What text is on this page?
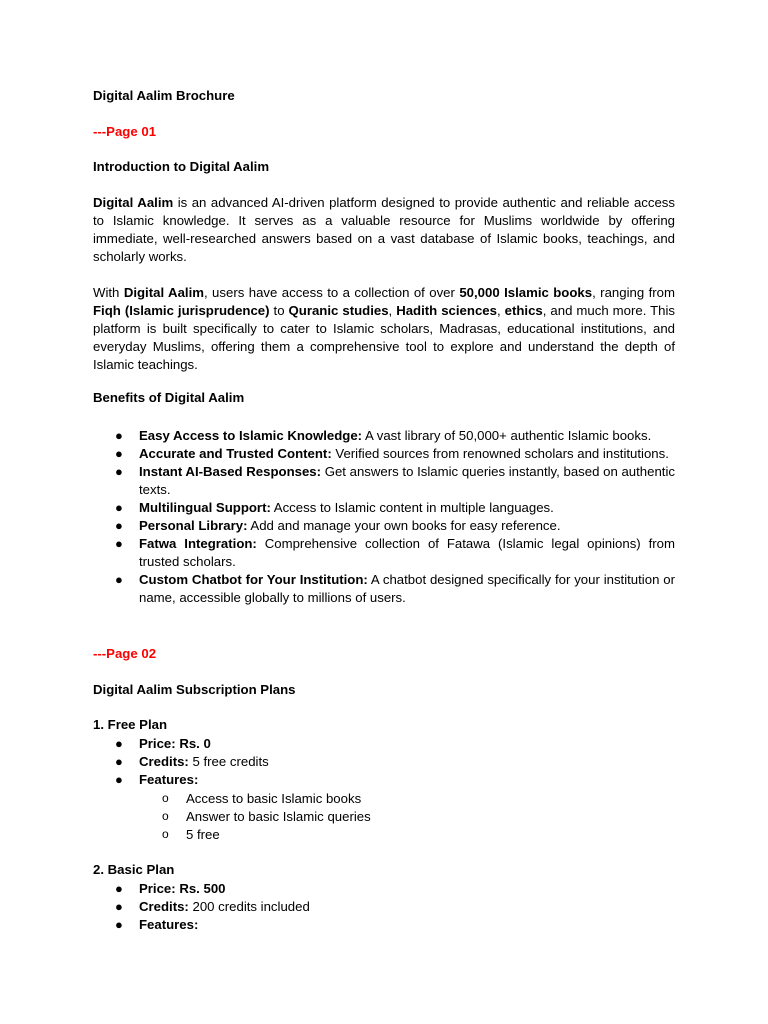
Digital Aalim Brochure
---Page 01
Introduction to Digital Aalim
Digital Aalim is an advanced AI-driven platform designed to provide authentic and reliable access to Islamic knowledge. It serves as a valuable resource for Muslims worldwide by offering immediate, well-researched answers based on a vast database of Islamic books, teachings, and scholarly works.
With Digital Aalim, users have access to a collection of over 50,000 Islamic books, ranging from Fiqh (Islamic jurisprudence) to Quranic studies, Hadith sciences, ethics, and much more. This platform is built specifically to cater to Islamic scholars, Madrasas, educational institutions, and everyday Muslims, offering them a comprehensive tool to explore and understand the depth of Islamic teachings.
Benefits of Digital Aalim
● Easy Access to Islamic Knowledge: A vast library of 50,000+ authentic Islamic books.
● Accurate and Trusted Content: Verified sources from renowned scholars and institutions.
● Instant AI-Based Responses: Get answers to Islamic queries instantly, based on authentic texts.
● Multilingual Support: Access to Islamic content in multiple languages.
● Personal Library: Add and manage your own books for easy reference.
● Fatwa Integration: Comprehensive collection of Fatawa (Islamic legal opinions) from trusted scholars.
● Custom Chatbot for Your Institution: A chatbot designed specifically for your institution or name, accessible globally to millions of users.
---Page 02
Digital Aalim Subscription Plans
1. Free Plan
● Price: Rs. 0
● Credits: 5 free credits
● Features:
o Access to basic Islamic books
o Answer to basic Islamic queries
o 5 free
2. Basic Plan
● Price: Rs. 500
● Credits: 200 credits included
● Features:
